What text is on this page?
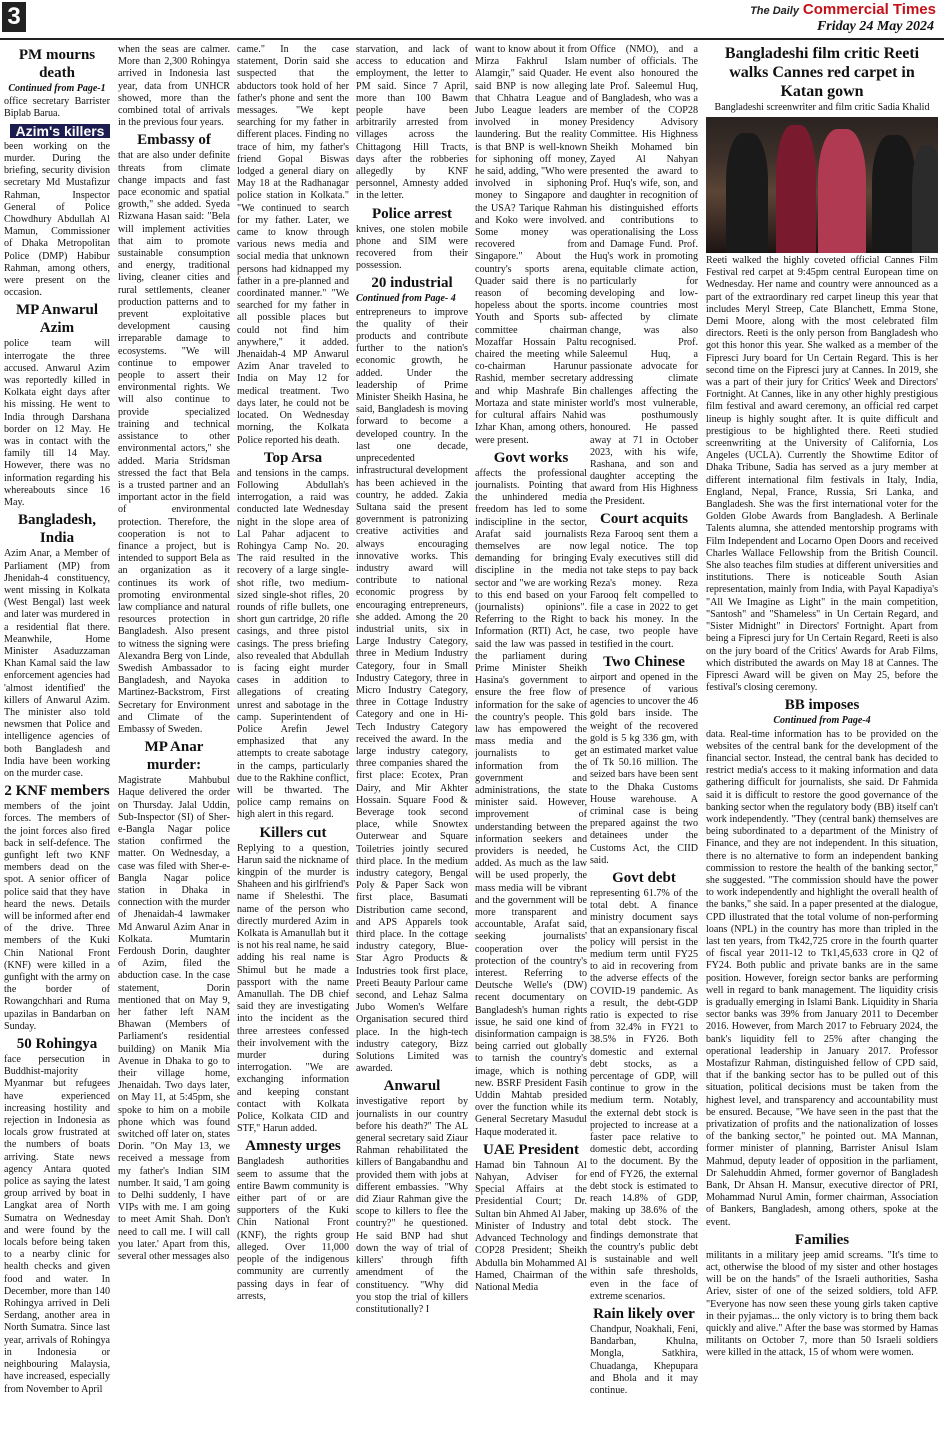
3	The Daily Commercial Times
Friday 24 May 2024
PM mourns death
Continued from Page-1

office secretary Barrister Biplab Barua.

Azim's killers

been working on the murder. During the briefing, security division secretary Md Mustafizur Rahman, Inspector General of Police Chowdhury Abdullah Al Mamun, Commissioner of Dhaka Metropolitan Police (DMP) Habibur Rahman, among others, were present on the occasion.

MP Anwarul Azim

police team will interrogate the three accused. Anwarul Azim was reportedly killed in Kolkata eight days after his missing. He went to India through Darshana border on 12 May. He was in contact with the family till 14 May. However, there was no information regarding his whereabouts since 16 May.

Bangladesh, India

Azim Anar, a Member of Parliament (MP) from Jhenidah-4 constituency, went missing in Kolkata (West Bengal) last week and later was murdered in a residential flat there. Meanwhile, Home Minister Asaduzzaman Khan Kamal said the law enforcement agencies had 'almost identified' the killers of Anwarul Azim. The minister also told newsmen that Police and intelligence agencies of both Bangladesh and India have been working on the murder case.

2 KNF members

members of the joint forces. The members of the joint forces also fired back in self-defence. The gunfight left two KNF members dead on the spot. A senior officer of police said that they have heard the news. Details will be informed after end of the drive. Three members of the Kuki Chin National Front (KNF) were killed in a gunfight with the army on the border of Rowangchhari and Ruma upazilas in Bandarban on Sunday.

50 Rohingya

face persecution in Buddhist-majority Myanmar but refugees have experienced increasing hostility and rejection in Indonesia as locals grow frustrated at the numbers of boats arriving. State news agency Antara quoted police as saying the latest group arrived by boat in Langkat area of North Sumatra on Wednesday and were found by the locals before being taken to a nearby clinic for health checks and given food and water. In December, more than 140 Rohingya arrived in Deli Serdang, another area in North Sumatra. Since last year, arrivals of Rohingya in Indonesia or neighbouring Malaysia, have increased, especially from November to April

when the seas are calmer. More than 2,300 Rohingya arrived in Indonesia last year, data from UNHCR showed, more than the combined total of arrivals in the previous four years.

Embassy of

that are also under definite threats from climate change impacts and fast pace economic and spatial growth," she added. Syeda Rizwana Hasan said: "Bela will implement activities that aim to promote sustainable consumption and energy, traditional living, cleaner cities and rural settlements, cleaner production patterns and to prevent exploitative development causing irreparable damage to ecosystems. "We will continue to empower people to assert their environmental rights. We will also continue to provide specialized training and technical assistance to other environmental actors," she added. Maria Stridsman stressed the fact that Bela is a trusted partner and an important actor in the field of environmental protection. Therefore, the cooperation is not to finance a project, but is intended to support Bela as an organization as it continues its work of promoting environmental law compliance and natural resources protection in Bangladesh. Also present to witness the signing were Alexandra Berg von Linde, Swedish Ambassador to Bangladesh, and Nayoka Martinez-Backstrom, First Secretary for Environment and Climate of the Embassy of Sweden.

MP Anar murder:

Magistrate Mahbubul Haque delivered the order on Thursday. Jalal Uddin, Sub-Inspector (SI) of Sher-e-Bangla Nagar police station confirmed the matter. On Wednesday, a case was filed with Sher-e-Bangla Nagar police station in Dhaka in connection with the murder of Jhenaidah-4 lawmaker Md Anwarul Azim Anar in Kolkata. Mumtarin Ferdoush Dorin, daughter of Azim, filed the abduction case. In the case statement, Dorin mentioned that on May 9, her father left NAM Bhawan (Members of Parliament's residential building) on Manik Mia Avenue in Dhaka to go to their village home, Jhenaidah. Two days later, on May 11, at 5:45pm, she spoke to him on a mobile phone which was found switched off later on, states Dorin. "On May 13, we received a message from my father's Indian SIM number. It said, 'I am going to Delhi suddenly, I have VIPs with me. I am going to meet Amit Shah. Don't need to call me. I will call you later.' Apart from this, several other messages also

came." In the case statement, Dorin said she suspected that the abductors took hold of her father's phone and sent the messages. "We kept searching for my father in different places. Finding no trace of him, my father's friend Gopal Biswas lodged a general diary on May 18 at the Radhanagar police station in Kolkata." "We continued to search for my father. Later, we came to know through various news media and social media that unknown persons had kidnapped my father in a pre-planned and coordinated manner." "We searched for my father in all possible places but could not find him anywhere," it added. Jhenaidah-4 MP Anwarul Azim Anar traveled to India on May 12 for medical treatment. Two days later, he could not be located. On Wednesday morning, the Kolkata Police reported his death.

Top Arsa

and tensions in the camps. Following Abdullah's interrogation, a raid was conducted late Wednesday night in the slope area of Lal Pahar adjacent to Rohingya Camp No. 20. The raid resulted in the recovery of a large single-shot rifle, two medium-sized single-shot rifles, 20 rounds of rifle bullets, one short gun cartridge, 20 rifle casings, and three pistol casings. The press briefing also revealed that Abdullah is facing eight murder cases in addition to allegations of creating unrest and sabotage in the camp. Superintendent of Police Arefin Jewel emphasized that any attempts to create sabotage in the camps, particularly due to the Rakhine conflict, will be thwarted. The police camp remains on high alert in this regard.

Killers cut

Replying to a question, Harun said the nickname of kingpin of the murder is Shaheen and his girlfriend's name if Shelesthi. The name of the person who directly murdered Azim in Kolkata is Amanullah but it is not his real name, he said adding his real name is Shimul but he made a passport with the name Amanullah. The DB chief said they are investigating into the incident as the three arrestees confessed their involvement with the murder during interrogation. "We are exchanging information and keeping constant contact with Kolkata Police, Kolkata CID and STF," Harun added.

Amnesty urges

Bangladesh authorities seem to assume that the entire Bawm community is either part of or are supporters of the Kuki Chin National Front (KNF), the rights group alleged. Over 11,000 people of the indigenous community are currently passing days in fear of arrests,

starvation, and lack of access to education and employment, the letter to PM said. Since 7 April, more than 100 Bawm people have been arbitrarily arrested from villages across the Chittagong Hill Tracts, days after the robberies allegedly by KNF personnel, Amnesty added in the letter.

Police arrest

knives, one stolen mobile phone and SIM were recovered from their possession.

20 industrial
Continued from Page- 4

entrepreneurs to improve the quality of their products and contribute further to the nation's economic growth, he added. Under the leadership of Prime Minister Sheikh Hasina, he said, Bangladesh is moving forward to become a developed country. In the last one decade, unprecedented infrastructural development has been achieved in the country, he added. Zakia Sultana said the present government is patronizing creative activities and always encouraging innovative works. This industry award will contribute to national economic progress by encouraging entrepreneurs, she added. Among the 20 industrial units, six in Large Industry Category, three in Medium Industry Category, four in Small Industry Category, three in Micro Industry Category, three in Cottage Industry Category and one in Hi-Tech Industry Category received the award. In the large industry category, three companies shared the first place: Ecotex, Pran Dairy, and Mir Akhter Hossain. Square Food & Beverage took second place, while Snowtex Outerwear and Square Toiletries jointly secured third place. In the medium industry category, Bengal Poly & Paper Sack won first place, Basumati Distribution came second, and APS Apparels took third place. In the cottage industry category, Blue-Star Agro Products & Industries took first place, Preeti Beauty Parlour came second, and Lehaz Salma Jubo Women's Welfare Organisation secured third place. In the high-tech industry category, Bizz Solutions Limited was awarded.

Anwarul

investigative report by journalists in our country before his death?" The AL general secretary said Ziaur Rahman rehabilitated the killers of Bangabandhu and provided them with jobs at different embassies. "Why did Ziaur Rahman give the scope to killers to flee the country?" he questioned. He said BNP had shut down the way of trial of killers' through fifth amendment of the constituency. "Why did you stop the trial of killers constitutionally? I

want to know about it from Mirza Fakhrul Islam Alamgir," said Quader. He said BNP is now alleging that Chhatra League and Jubo League leaders are involved in money laundering. But the reality is that BNP is well-known for siphoning off money, he said, adding, "Who were involved in siphoning money to Singapore and the USA? Tarique Rahman and Koko were involved. Some money was recovered from Singapore." About the country's sports arena, Quader said there is no reason of becoming hopeless about the sports. Youth and Sports sub-committee chairman Mozaffar Hossain Paltu chaired the meeting while co-chairman Harunur Rashid, member secretary and whip Mashrafe Bin Mortaza and state minister for cultural affairs Nahid Izhar Khan, among others, were present.

Govt works

affects the professional journalists. Pointing that the unhindered media freedom has led to some indiscipline in the sector, Arafat said journalists themselves are now demanding for bringing discipline in the media sector and "we are working to this end based on your (journalists) opinions". Referring to the Right to Information (RTI) Act, he said the law was passed in the parliament during Prime Minister Sheikh Hasina's government to ensure the free flow of information for the sake of the country's people. This law has empowered the mass media and the journalists to get information from the government and administrations, the state minister said. However, improvement of understanding between the information seekers and providers is needed, he added. As much as the law will be used properly, the mass media will be vibrant and the government will be more transparent and accountable, Arafat said, seeking journalists' cooperation over the protection of the country's interest. Referring to Deutsche Welle's (DW) recent documentary on Bangladesh's human rights issue, he said one kind of disinformation campaign is being carried out globally to tarnish the country's image, which is nothing new. BSRF President Fasih Uddin Mahtab presided over the function while its General Secretary Masudul Haque moderated it.

UAE President

Hamad bin Tahnoun Al Nahyan, Adviser for Special Affairs at the Presidential Court; Dr. Sultan bin Ahmed Al Jaber, Minister of Industry and Advanced Technology and COP28 President; Sheikh Abdulla bin Mohammed Al Hamed, Chairman of the National Media

Office (NMO), and a number of officials. The event also honoured the late Prof. Saleemul Huq, of Bangladesh, who was a member of the COP28 Presidency Advisory Committee. His Highness Sheikh Mohamed bin Zayed Al Nahyan presented the award to Prof. Huq's wife, son, and daughter in recognition of his distinguished efforts and contributions to operationalising the Loss and Damage Fund. Prof. Huq's work in promoting equitable climate action, particularly for developing and low-income countries most affected by climate change, was also recognised. Prof. Saleemul Huq, a passionate advocate for addressing climate challenges affecting the world's most vulnerable, was posthumously honoured. He passed away at 71 in October 2023, with his wife, Rashana, and son and daughter accepting the award from His Highness the President.

Court acquits

Reza Farooq sent them a legal notice. The top Evaly executives still did not take steps to pay back Reza's money. Reza Farooq felt compelled to file a case in 2022 to get back his money. In the case, two people have testified in the court.

Two Chinese

airport and opened in the presence of various agencies to uncover the 46 gold bars inside. The weight of the recovered gold is 5 kg 336 gm, with an estimated market value of Tk 50.16 million. The seized bars have been sent to the Dhaka Customs House warehouse. A criminal case is being prepared against the two detainees under the Customs Act, the CIID said.

Govt debt

representing 61.7% of the total debt. A finance ministry document says that an expansionary fiscal policy will persist in the medium term until FY25 to aid in recovering from the adverse effects of the COVID-19 pandemic. As a result, the debt-GDP ratio is expected to rise from 32.4% in FY21 to 38.5% in FY26. Both domestic and external debt stocks, as a percentage of GDP, will continue to grow in the medium term. Notably, the external debt stock is projected to increase at a faster pace relative to domestic debt, according to the document. By the end of FY26, the external debt stock is estimated to reach 14.8% of GDP, making up 38.6% of the total debt stock. The findings demonstrate that the country's public debt is sustainable and well within safe thresholds, even in the face of extreme scenarios.

Rain likely over

Chandpur, Noakhali, Feni, Bandarban, Khulna, Mongla, Satkhira, Chuadanga, Khepupara and Bhola and it may continue.

Bangladeshi film critic Reeti walks Cannes red carpet in Katan gown
Bangladeshi screenwriter and film critic Sadia Khalid

Reeti walked the highly coveted official Cannes Film Festival red carpet at 9:45pm central European time on Wednesday. Her name and country were announced as a part of the extraordinary red carpet lineup this year that includes Meryl Streep, Cate Blanchett, Emma Stone, Demi Moore, along with the most celebrated film directors. Reeti is the only person from Bangladesh who got this honor this year. She walked as a member of the Fipresci Jury board for Un Certain Regard. This is her second time on the Fipresci jury at Cannes. In 2019, she was a part of their jury for Critics' Week and Directors' Fortnight. At Cannes, like in any other highly prestigious film festival and award ceremony, an official red carpet lineup is highly sought after. It is quite difficult and prestigious to be highlighted there. Reeti studied screenwriting at the University of California, Los Angeles (UCLA). Currently the Showtime Editor of Dhaka Tribune, Sadia has served as a jury member at different international film festivals in Italy, India, England, Nepal, France, Russia, Sri Lanka, and Bangladesh. She was the first international voter for the Golden Globe Awards from Bangladesh. A Berlinale Talents alumna, she attended mentorship programs with Film Independent and Locarno Open Doors and received Charles Wallace Fellowship from the British Council. She also teaches film studies at different universities and institutions. There is noticeable South Asian representation, mainly from India, with Payal Kapadiya's "All We Imagine as Light" in the main competition, "Santosh" and "Shameless" in Un Certain Regard, and "Sister Midnight" in Directors' Fortnight. Apart from being a Fipresci jury for Un Certain Regard, Reeti is also on the jury board of the Critics' Awards for Arab Films, which distributed the awards on May 18 at Cannes. The Fipresci Award will be given on May 25, before the festival's closing ceremony.

BB imposes
Continued from Page-4

data. Real-time information has to be provided on the websites of the central bank for the development of the financial sector. Instead, the central bank has decided to restrict media's access to it making information and data gathering difficult for journalists, she said. Dr Fahmida said it is difficult to restore the good governance of the banking sector when the regulatory body (BB) itself can't work independently. "They (central bank) themselves are being subordinated to a department of the Ministry of Finance, and they are not independent. In this situation, there is no alternative to form an independent banking commission to restore the health of the banking sector," she suggested. "The commission should have the power to work independently and highlight the overall health of the banks," she said. In a paper presented at the dialogue, CPD illustrated that the total volume of non-performing loans (NPL) in the country has more than tripled in the last ten years, from Tk42,725 crore in the fourth quarter of fiscal year 2011-12 to Tk1,45,633 crore in Q2 of FY24. Both public and private banks are in the same position. However, foreign sector banks are performing well in regard to bank management. The liquidity crisis is gradually emerging in Islami Bank. Liquidity in Sharia sector banks was 39% from January 2011 to December 2016. However, from March 2017 to February 2024, the bank's liquidity fell to 25% after changing the operational leadership in January 2017. Professor Mostafizur Rahman, distinguished fellow of CPD said, that if the banking sector has to be pulled out of this situation, political decisions must be taken from the highest level, and transparency and accountability must be ensured. Because, "We have seen in the past that the privatization of profits and the nationalization of losses of the banking sector," he pointed out. MA Mannan, former minister of planning, Barrister Anisul Islam Mahmud, deputy leader of opposition in the parliament, Dr Salehuddin Ahmed, former governor of Bangladesh Bank, Dr Ahsan H. Mansur, executive director of PRI, Mohammad Nurul Amin, former chairman, Association of Bankers, Bangladesh, among others, spoke at the event.

Families

militants in a military jeep amid screams. "It's time to act, otherwise the blood of my sister and other hostages will be on the hands" of the Israeli authorities, Sasha Ariev, sister of one of the seized soldiers, told AFP. "Everyone has now seen these young girls taken captive in their pyjamas... the only victory is to bring them back quickly and alive." After the base was stormed by Hamas militants on October 7, more than 50 Israeli soldiers were killed in the attack, 15 of whom were women.
